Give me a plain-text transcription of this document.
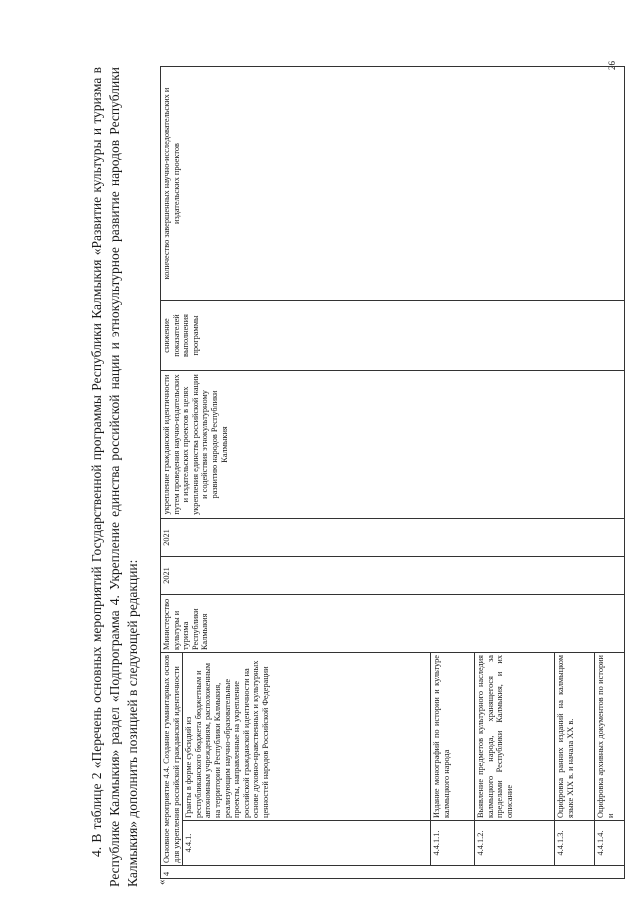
26

4. В таблице 2 «Перечень основных мероприятий Государственной программы Республики Калмыкия «Развитие культуры и туризма в Республике Калмыкия» раздел «Подпрограмма 4. Укрепление единства российской нации и этнокультурное развитие народов Республики Калмыкия» дополнить позицией в следующей редакции: «
4	Основное мероприятие 4.4. Создание гуманитарных основ для укрепления российской гражданской идентичности		Министерство культуры и туризма Республики Калмыкия	2021	2021	укрепление гражданской идентичности путем проведения научно-издательских и издательских проектов в целях укрепления единства российской нации и содействия этнокультурному развитию народов Республики Калмыкия	снижение показателей выполнения программы	количество завершенных научно-исследовательских и издательских проектов
	4.4.1.	Гранты в форме субсидий из республиканского бюджета бюджетным и автономным учреждениям, расположенным на территории Республики Калмыкия, реализующим научно-образовательные проекты, направленные на укрепление российской гражданской идентичности на основе духовно-нравственных и культурных ценностей народов Российской Федерации						
	4.4.1.1.	Издание монографий по истории и культуре калмыцкого народа						
	4.4.1.2.	Выявление предметов культурного наследия калмыцкого народа, хранящегося за пределами Республики Калмыкия, и их описание						
	4.4.1.3.	Оцифровка ранних изданий на калмыцком языке XIX в. и начала XX в.						
	4.4.1.4.	Оцифровка архивных документов по истории и						
